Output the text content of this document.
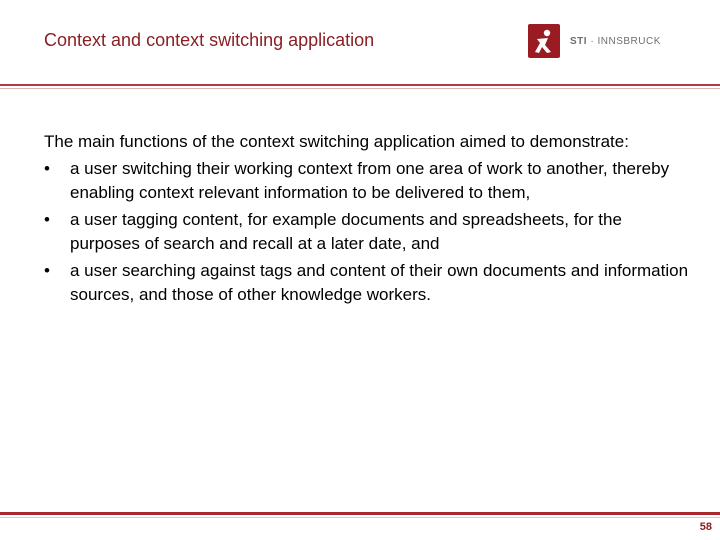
Context and context switching application	STI · INNSBRUCK

The main functions of the context switching application aimed to demonstrate:

•	a user switching their working context from one area of work to another, thereby enabling context relevant information to be delivered to them,
•	a user tagging content, for example documents and spreadsheets, for the purposes of search and recall at a later date, and
•	a user searching against tags and content of their own documents and information sources, and those of other knowledge workers.
58
